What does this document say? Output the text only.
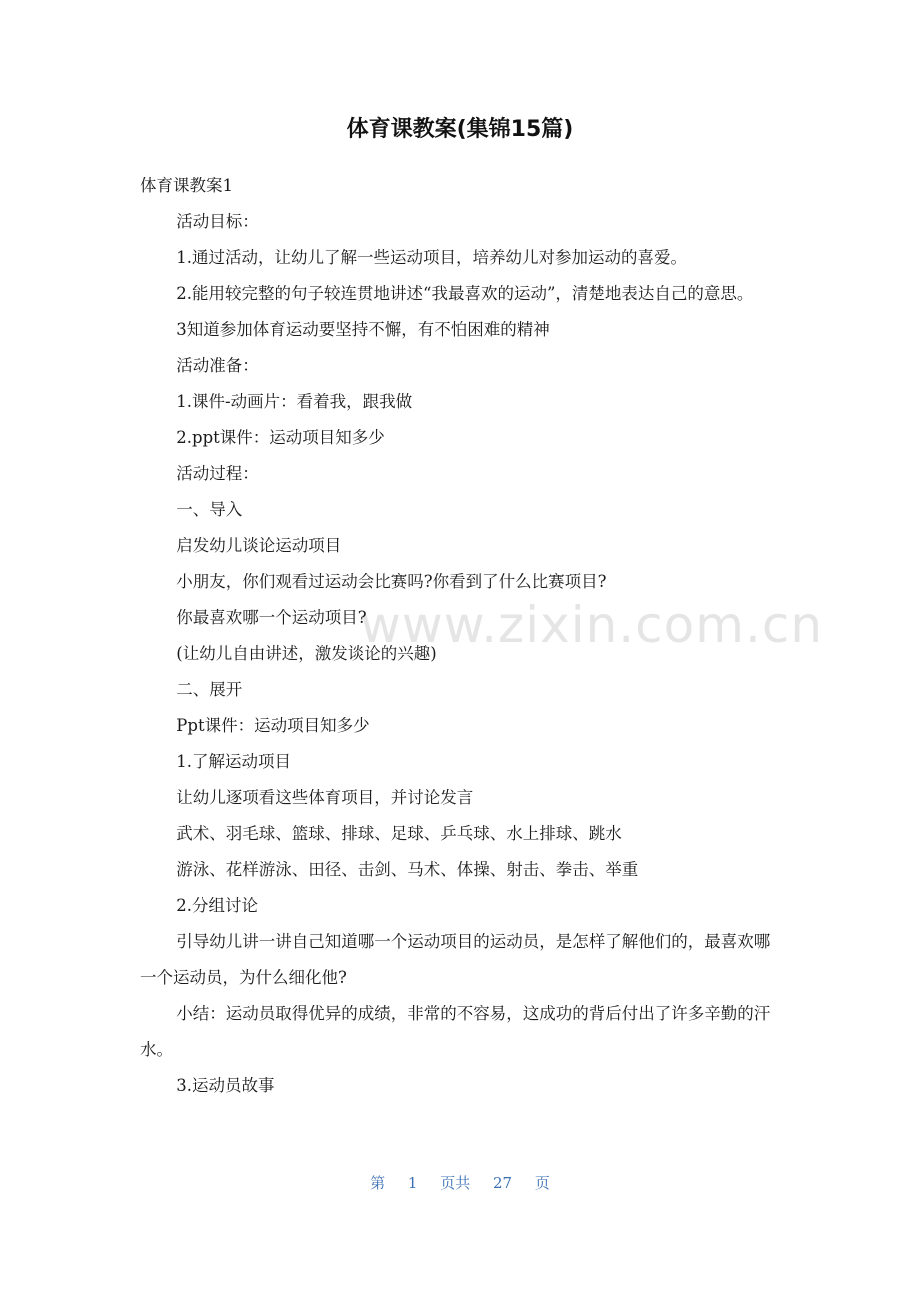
体育课教案(集锦15篇)
www.zixin.com.cn

体育课教案1

活动目标：

1.通过活动，让幼儿了解一些运动项目，培养幼儿对参加运动的喜爱。

2.能用较完整的句子较连贯地讲述“我最喜欢的运动”，清楚地表达自己的意思。

3知道参加体育运动要坚持不懈，有不怕困难的精神

活动准备：

1.课件-动画片：看着我，跟我做

2.ppt课件：运动项目知多少

活动过程：

一、导入

启发幼儿谈论运动项目

小朋友，你们观看过运动会比赛吗?你看到了什么比赛项目?

你最喜欢哪一个运动项目?

(让幼儿自由讲述，激发谈论的兴趣)

二、展开

Ppt课件：运动项目知多少

1.了解运动项目

让幼儿逐项看这些体育项目，并讨论发言

武术、羽毛球、篮球、排球、足球、乒乓球、水上排球、跳水

游泳、花样游泳、田径、击剑、马术、体操、射击、拳击、举重

2.分组讨论

引导幼儿讲一讲自己知道哪一个运动项目的运动员，是怎样了解他们的，最喜欢哪一个运动员，为什么细化他?

小结：运动员取得优异的成绩，非常的不容易，这成功的背后付出了许多辛勤的汗水。

3.运动员故事

第 1 页共 27 页
